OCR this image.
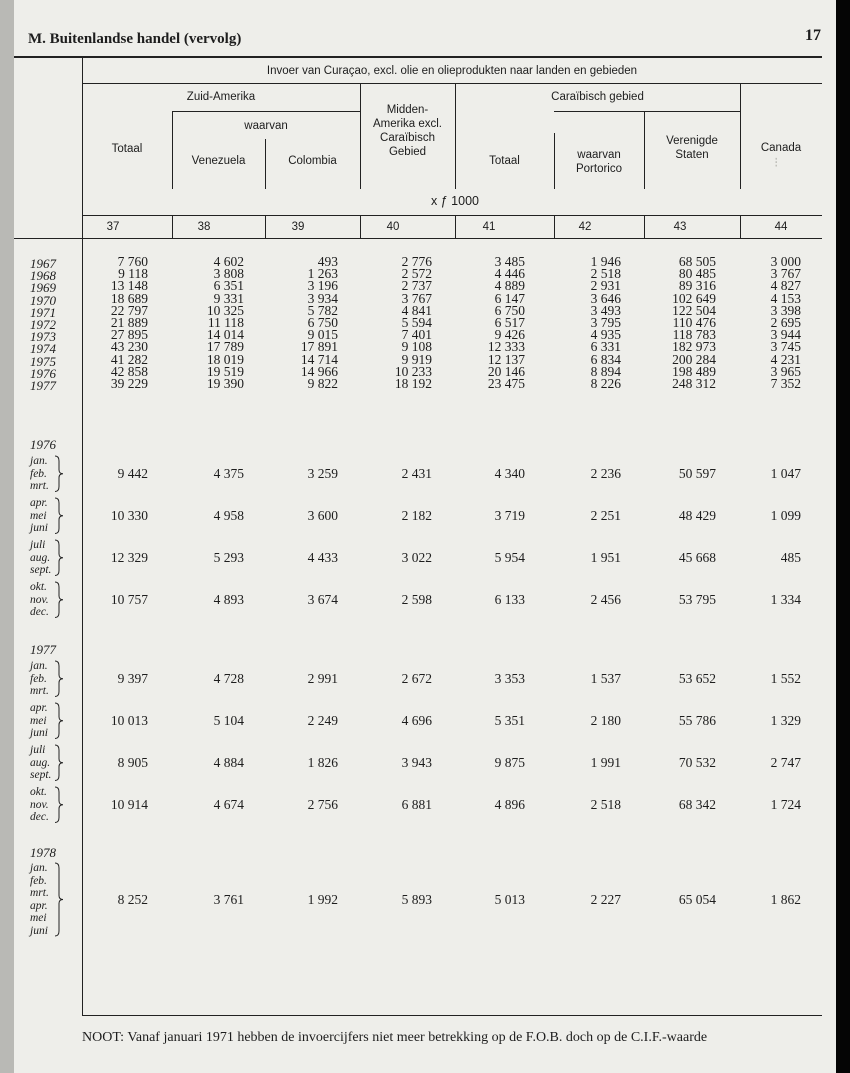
⁝
M. Buitenlandse handel (vervolg)	17
Invoer van Curaçao, excl. olie en olieprodukten naar landen en gebieden
Zuid-Amerika
waarvan
Caraïbisch gebied
Totaal
Venezuela	Colombia
Midden-
Amerika excl.
Caraïbisch
Gebied
Totaal	waarvan
Portorico
Verenigde
Staten
Canada
x ƒ 1000
37	38	39	40	41	42	43	44
1967	7 760	4 602	493	2 776	3 485	1 946	68 505	3 000
1968	9 118	3 808	1 263	2 572	4 446	2 518	80 485	3 767
1969	13 148	6 351	3 196	2 737	4 889	2 931	89 316	4 827
1970	18 689	9 331	3 934	3 767	6 147	3 646	102 649	4 153
1971	22 797	10 325	5 782	4 841	6 750	3 493	122 504	3 398
1972	21 889	11 118	6 750	5 594	6 517	3 795	110 476	2 695
1973	27 895	14 014	9 015	7 401	9 426	4 935	118 783	3 944
1974	43 230	17 789	17 891	9 108	12 333	6 331	182 973	3 745
1975	41 282	18 019	14 714	9 919	12 137	6 834	200 284	4 231
1976	42 858	19 519	14 966	10 233	20 146	8 894	198 489	3 965
1977	39 229	19 390	9 822	18 192	23 475	8 226	248 312	7 352
1976
jan.
feb.
mrt.
9 442	4 375	3 259	2 431	4 340	2 236	50 597	1 047
apr.
mei
juni
10 330	4 958	3 600	2 182	3 719	2 251	48 429	1 099
juli
aug.
sept.
12 329	5 293	4 433	3 022	5 954	1 951	45 668	485
okt.
nov.
dec.
10 757	4 893	3 674	2 598	6 133	2 456	53 795	1 334
1977
jan.
feb.
mrt.
9 397	4 728	2 991	2 672	3 353	1 537	53 652	1 552
apr.
mei
juni
10 013	5 104	2 249	4 696	5 351	2 180	55 786	1 329
juli
aug.
sept.
8 905	4 884	1 826	3 943	9 875	1 991	70 532	2 747
okt.
nov.
dec.
10 914	4 674	2 756	6 881	4 896	2 518	68 342	1 724
1978
jan.
feb.
mrt.
apr.
mei
juni
8 252	3 761	1 992	5 893	5 013	2 227	65 054	1 862
NOOT: Vanaf januari 1971 hebben de invoercijfers niet meer betrekking op de F.O.B. doch op de C.I.F.-waarde
